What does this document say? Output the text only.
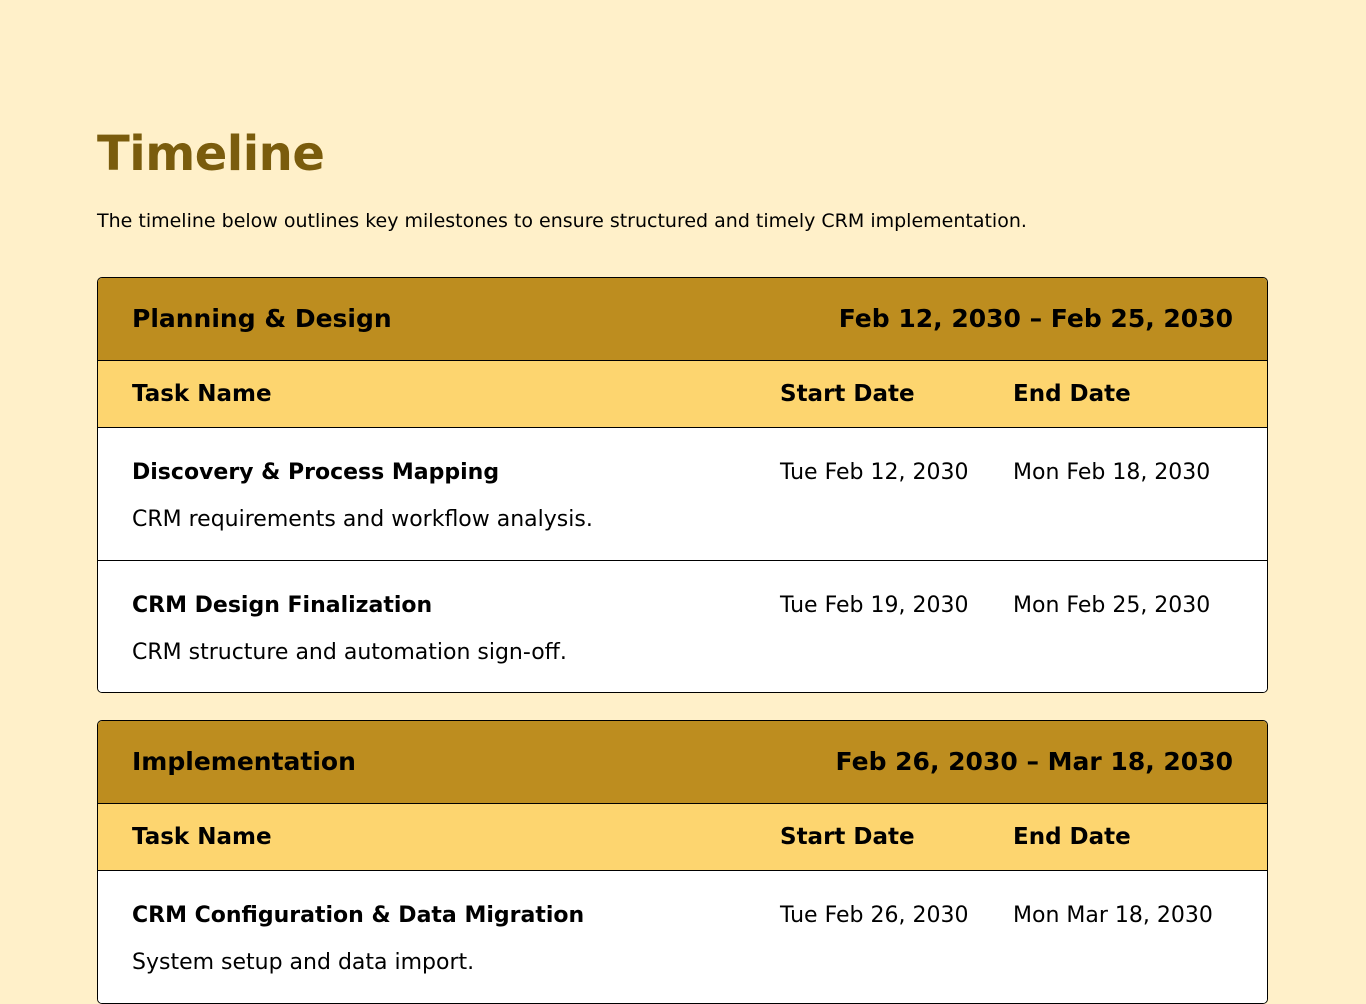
Timeline

The timeline below outlines key milestones to ensure structured and timely CRM implementation.

Planning & Design	Feb 12, 2030 – Feb 25, 2030
Task Name	Start Date	End Date
Discovery & Process Mapping
CRM requirements and workflow analysis.
Tue Feb 12, 2030 Mon Feb 18, 2030
CRM Design Finalization
CRM structure and automation sign-off.
Tue Feb 19, 2030 Mon Feb 25, 2030
Implementation	Feb 26, 2030 – Mar 18, 2030
Task Name	Start Date	End Date
CRM Configuration & Data Migration
System setup and data import.
Tue Feb 26, 2030 Mon Mar 18, 2030
